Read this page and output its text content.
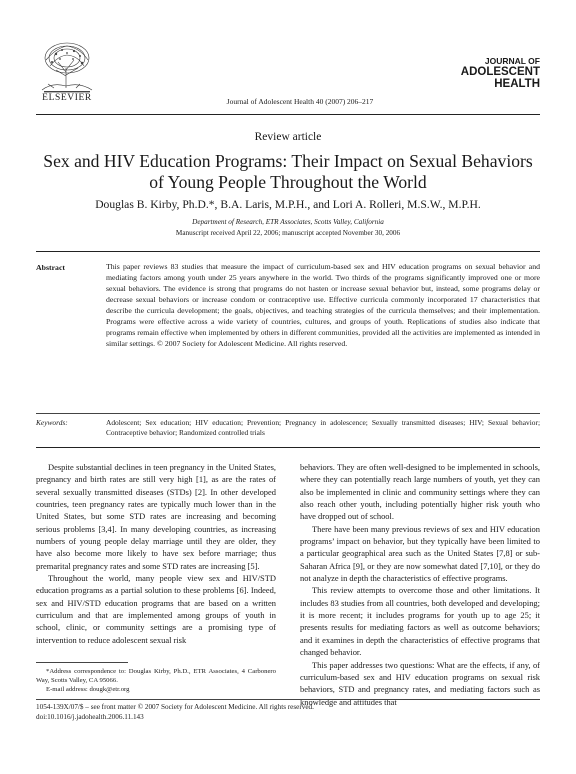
ELSEVIER	Journal of Adolescent Health 40 (2007) 206–217
JOURNAL OF
ADOLESCENT
HEALTH
Review article
Sex and HIV Education Programs: Their Impact on Sexual Behaviors of Young People Throughout the World
Douglas B. Kirby, Ph.D.*, B.A. Laris, M.P.H., and Lori A. Rolleri, M.S.W., M.P.H.
Department of Research, ETR Associates, Scotts Valley, California
Manuscript received April 22, 2006; manuscript accepted November 30, 2006
Abstract	This paper reviews 83 studies that measure the impact of curriculum-based sex and HIV education programs on sexual behavior and mediating factors among youth under 25 years anywhere in the world. Two thirds of the programs significantly improved one or more sexual behaviors. The evidence is strong that programs do not hasten or increase sexual behavior but, instead, some programs delay or decrease sexual behaviors or increase condom or contraceptive use. Effective curricula commonly incorporated 17 characteristics that describe the curricula development; the goals, objectives, and teaching strategies of the curricula themselves; and their implementation. Programs were effective across a wide variety of countries, cultures, and groups of youth. Replications of studies also indicate that programs remain effective when implemented by others in different communities, provided all the activities are implemented as intended in similar settings. © 2007 Society for Adolescent Medicine. All rights reserved.
Keywords:	Adolescent; Sex education; HIV education; Prevention; Pregnancy in adolescence; Sexually transmitted diseases; HIV; Sexual behavior; Contraceptive behavior; Randomized controlled trials

Despite substantial declines in teen pregnancy in the United States, pregnancy and birth rates are still very high [1], as are the rates of several sexually transmitted diseases (STDs) [2]. In other developed countries, teen pregnancy rates are typically much lower than in the United States, but some STD rates are increasing and becoming serious problems [3,4]. In many developing countries, as increasing numbers of young people delay marriage until they are older, they have also become more likely to have sex before marriage; thus premarital pregnancy rates and some STD rates are increasing [5].

Throughout the world, many people view sex and HIV/STD education programs as a partial solution to these problems [6]. Indeed, sex and HIV/STD education programs that are based on a written curriculum and that are implemented among groups of youth in school, clinic, or community settings are a promising type of intervention to reduce adolescent sexual risk

behaviors. They are often well-designed to be implemented in schools, where they can potentially reach large numbers of youth, yet they can also be implemented in clinic and community settings where they can also reach other youth, including potentially higher risk youth who have dropped out of school.

There have been many previous reviews of sex and HIV education programs’ impact on behavior, but they typically have been limited to a particular geographical area such as the United States [7,8] or sub-Saharan Africa [9], or they are now somewhat dated [7,10], or they do not analyze in depth the characteristics of effective programs.

This review attempts to overcome those and other limitations. It includes 83 studies from all countries, both developed and developing; it is more recent; it includes programs for youth up to age 25; it presents results for mediating factors as well as outcome behaviors; and it examines in depth the characteristics of effective programs that changed behavior.

This paper addresses two questions: What are the effects, if any, of curriculum-based sex and HIV education programs on sexual risk behaviors, STD and pregnancy rates, and mediating factors such as knowledge and attitudes that

*Address correspondence to: Douglas Kirby, Ph.D., ETR Associates, 4 Carbonero Way, Scotts Valley, CA 95066.

E-mail address: dougk@etr.org

1054-139X/07/$ – see front matter © 2007 Society for Adolescent Medicine. All rights reserved.
doi:10.1016/j.jadohealth.2006.11.143
